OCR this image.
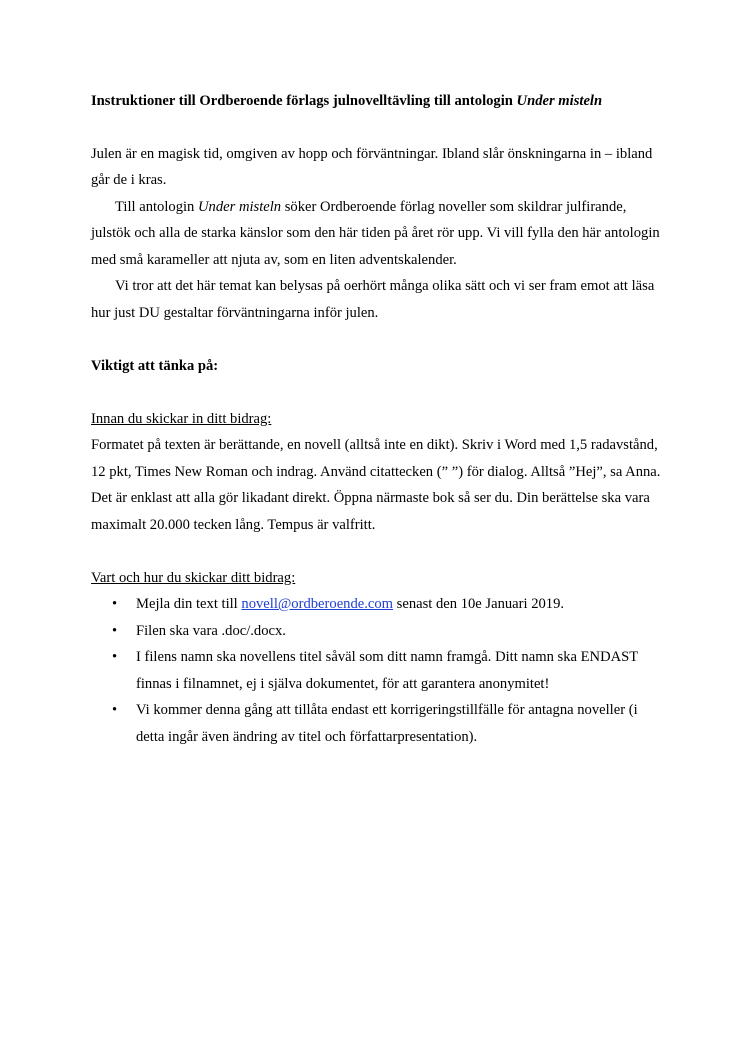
Instruktioner till Ordberoende förlags julnovelltävling till antologin Under misteln

Julen är en magisk tid, omgiven av hopp och förväntningar. Ibland slår önskningarna in – ibland går de i kras.

Till antologin Under misteln söker Ordberoende förlag noveller som skildrar julfirande, julstök och alla de starka känslor som den här tiden på året rör upp. Vi vill fylla den här antologin med små karameller att njuta av, som en liten adventskalender.

Vi tror att det här temat kan belysas på oerhört många olika sätt och vi ser fram emot att läsa hur just DU gestaltar förväntningarna inför julen.

Viktigt att tänka på:

Innan du skickar in ditt bidrag:

Formatet på texten är berättande, en novell (alltså inte en dikt). Skriv i Word med 1,5 radavstånd, 12 pkt, Times New Roman och indrag. Använd citattecken (” ”) för dialog. Alltså ”Hej”, sa Anna. Det är enklast att alla gör likadant direkt. Öppna närmaste bok så ser du. Din berättelse ska vara maximalt 20.000 tecken lång. Tempus är valfritt.

Vart och hur du skickar ditt bidrag:

• Mejla din text till novell@ordberoende.com senast den 10e Januari 2019.
• Filen ska vara .doc/.docx.
• I filens namn ska novellens titel såväl som ditt namn framgå. Ditt namn ska ENDAST finnas i filnamnet, ej i själva dokumentet, för att garantera anonymitet!
• Vi kommer denna gång att tillåta endast ett korrigeringstillfälle för antagna noveller (i detta ingår även ändring av titel och författarpresentation).
